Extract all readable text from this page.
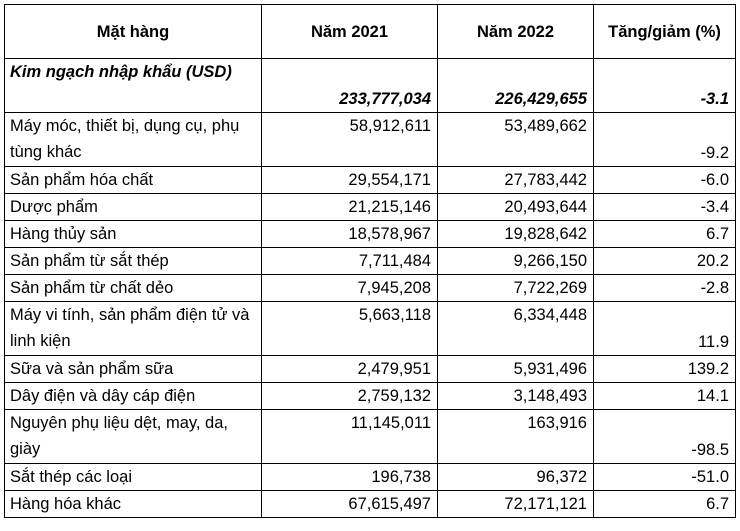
Mặt hàng	Năm 2021	Năm 2022	Tăng/giảm (%)
Kim ngạch nhập khẩu (USD)	233,777,034	226,429,655	-3.1
Máy móc, thiết bị, dụng cụ, phụ tùng khác	58,912,611	53,489,662	-9.2
Sản phẩm hóa chất	29,554,171	27,783,442	-6.0
Dược phẩm	21,215,146	20,493,644	-3.4
Hàng thủy sản	18,578,967	19,828,642	6.7
Sản phẩm từ sắt thép	7,711,484	9,266,150	20.2
Sản phẩm từ chất dẻo	7,945,208	7,722,269	-2.8
Máy vi tính, sản phẩm điện tử và linh kiện	5,663,118	6,334,448	11.9
Sữa và sản phẩm sữa	2,479,951	5,931,496	139.2
Dây điện và dây cáp điện	2,759,132	3,148,493	14.1
Nguyên phụ liệu dệt, may, da, giày	11,145,011	163,916	-98.5
Sắt thép các loại	196,738	96,372	-51.0
Hàng hóa khác	67,615,497	72,171,121	6.7
